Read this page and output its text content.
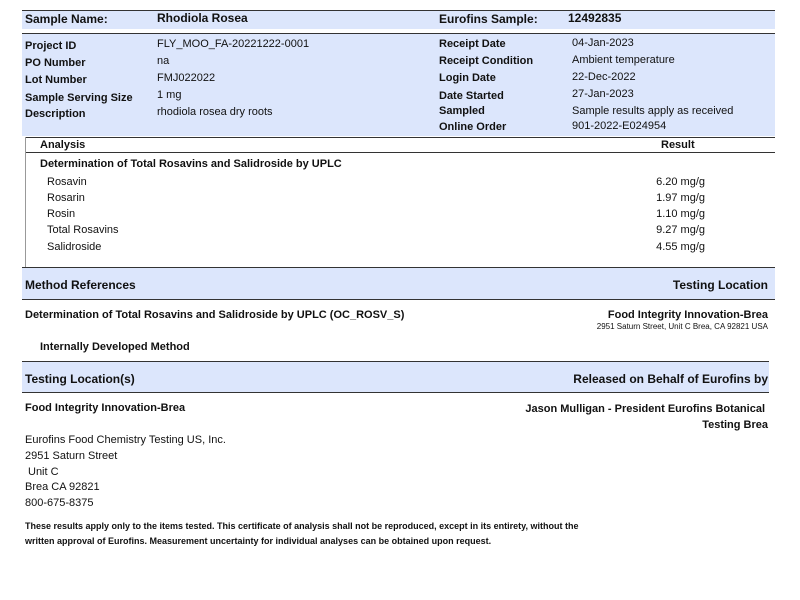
Sample Name:	Rhodiola Rosea	Eurofins Sample:	12492835
Project ID	FLY_MOO_FA-20221222-0001
PO Number	na
Lot Number	FMJ022022
Sample Serving Size 1 mg
Description	rhodiola rosea dry roots
Receipt Date	04-Jan-2023
Receipt Condition	Ambient temperature
Login Date	22-Dec-2022
Date Started	27-Jan-2023
Sampled	Sample results apply as received
Online Order	901-2022-E024954
Analysis	Result
Determination of Total Rosavins and Salidroside by UPLC
Rosavin	6.20 mg/g
Rosarin	1.97 mg/g
Rosin	1.10 mg/g
Total Rosavins	9.27 mg/g
Salidroside	4.55 mg/g
Method References	Testing Location
Determination of Total Rosavins and Salidroside by UPLC (OC_ROSV_S)	Food Integrity Innovation-Brea
2951 Saturn Street, Unit C Brea, CA 92821 USA
Internally Developed Method
Testing Location(s)	Released on Behalf of Eurofins by
Food Integrity Innovation-Brea	Jason Mulligan - President Eurofins Botanical
Testing Brea
Eurofins Food Chemistry Testing US, Inc.
2951 Saturn Street
Unit C
Brea CA 92821
800-675-8375
These results apply only to the items tested. This certificate of analysis shall not be reproduced, except in its entirety, without the
written approval of Eurofins. Measurement uncertainty for individual analyses can be obtained upon request.
